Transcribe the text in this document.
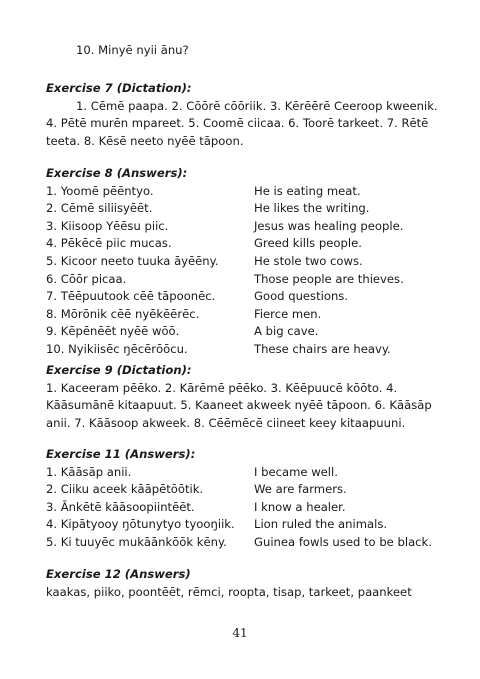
10. Minyē nyii ānu?
Exercise 7 (Dictation):

1. Cēmē paapa. 2. Cōōrē cōōriik. 3. Kērēērē Ceeroop kweenik. 4. Pētē murēn mpareet. 5. Coomē ciicaa. 6. Toorē tarkeet. 7. Rētē teeta. 8. Kēsē neeto nyēē tāpoon.

Exercise 8 (Answers):
1. Yoomē pēēntyo.	He is eating meat.
2. Cēmē siliisyēēt.	He likes the writing.
3. Kiisoop Yēēsu piic.	Jesus was healing people.
4. Pēkēcē piic mucas.	Greed kills people.
5. Kicoor neeto tuuka āyēēny.	He stole two cows.
6. Cōōr picaa.	Those people are thieves.
7. Tēēpuutook cēē tāpoonēc.	Good questions.
8. Mōrōnik cēē nyēkēērēc.	Fierce men.
9. Kēpēnēēt nyēē wōō.	A big cave.
10. Nyikiisēc ŋēcērōōcu.	These chairs are heavy.
Exercise 9 (Dictation):

1. Kaceeram pēēko. 2. Kārēmē pēēko. 3. Kēēpuucē kōōto. 4. Kāāsumānē kitaapuut. 5. Kaaneet akweek nyēē tāpoon. 6. Kāāsāp anii. 7. Kāāsoop akweek. 8. Cēēmēcē ciineet keey kitaapuuni.

Exercise 11 (Answers):
1. Kāāsāp anii.	I became well.
2. Ciiku aceek kāāpētōōtik.	We are farmers.
3. Ānkētē kāāsoopiintēēt.	I know a healer.
4. Kipātyooy ŋōtunytyo tyooŋiik.	Lion ruled the animals.
5. Ki tuuyēc mukāānkōōk kēny.	Guinea fowls used to be black.
Exercise 12 (Answers)

kaakas, piiko, poontēēt, rēmci, roopta, tisap, tarkeet, paankeet

41
